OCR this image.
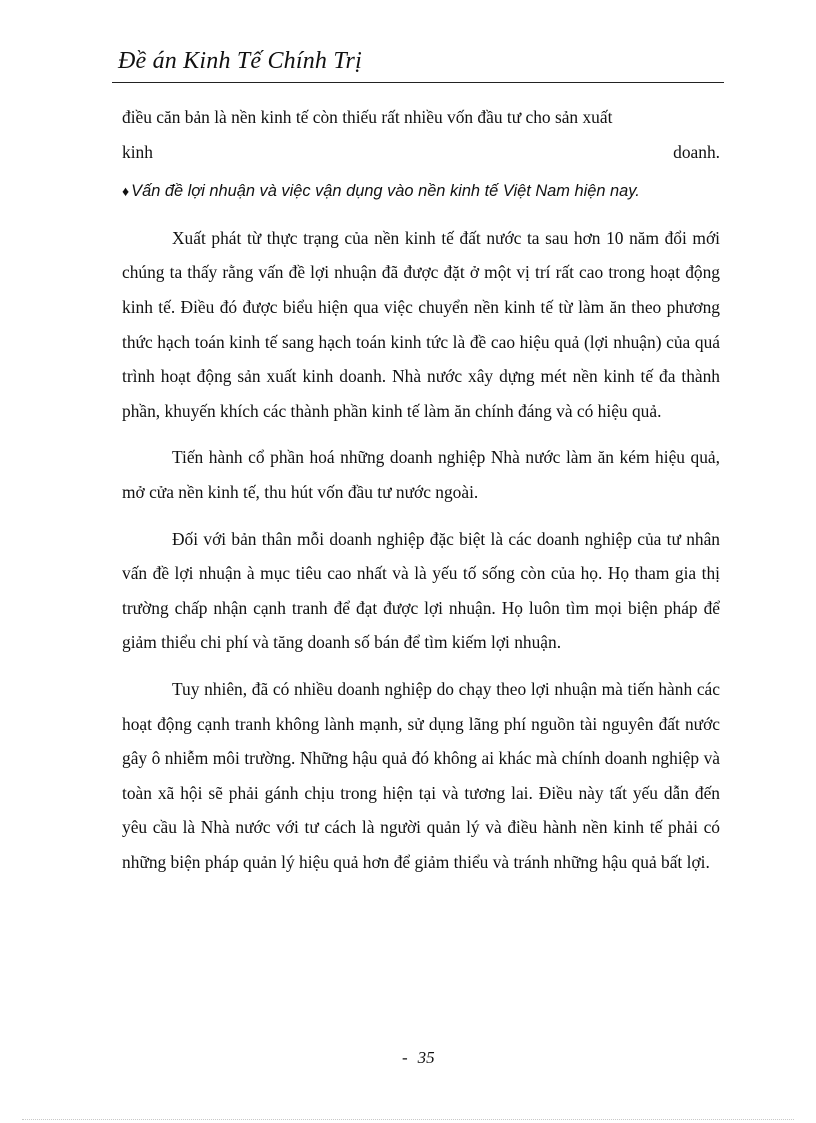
Đề án Kinh Tế Chính Trị

điều căn bản là nền kinh tế còn thiếu rất nhiều vốn đầu tư cho sản xuất

kinh	doanh.

♦ Vấn đề lợi nhuận và việc vận dụng vào nền kinh tế Việt Nam hiện nay.

Xuất phát từ thực trạng của nền kinh tế đất nước ta sau hơn 10 năm đổi mới chúng ta thấy rằng vấn đề lợi nhuận đã được đặt ở một vị trí rất cao trong hoạt động kinh tế. Điều đó được biểu hiện qua việc chuyển nền kinh tế từ làm ăn theo phương thức hạch toán kinh tế sang hạch toán kinh tức là đề cao hiệu quả (lợi nhuận) của quá trình hoạt động sản xuất kinh doanh. Nhà nước xây dựng mét nền kinh tế đa thành phần, khuyến khích các thành phần kinh tế làm ăn chính đáng và có hiệu quả.

Tiến hành cổ phần hoá những doanh nghiệp Nhà nước làm ăn kém hiệu quả, mở cửa nền kinh tế, thu hút vốn đầu tư nước ngoài.

Đối với bản thân mỗi doanh nghiệp đặc biệt là các doanh nghiệp của tư nhân vấn đề lợi nhuận à mục tiêu cao nhất và là yếu tố sống còn của họ. Họ tham gia thị trường chấp nhận cạnh tranh để đạt được lợi nhuận. Họ luôn tìm mọi biện pháp để giảm thiểu chi phí và tăng doanh số bán để tìm kiếm lợi nhuận.

Tuy nhiên, đã có nhiều doanh nghiệp do chạy theo lợi nhuận mà tiến hành các hoạt động cạnh tranh không lành mạnh, sử dụng lãng phí nguồn tài nguyên đất nước gây ô nhiễm môi trường. Những hậu quả đó không ai khác mà chính doanh nghiệp và toàn xã hội sẽ phải gánh chịu trong hiện tại và tương lai. Điều này tất yếu dẫn đến yêu cầu là Nhà nước với tư cách là người quản lý và điều hành nền kinh tế phải có những biện pháp quản lý hiệu quả hơn để giảm thiểu và tránh những hậu quả bất lợi.

- 35
